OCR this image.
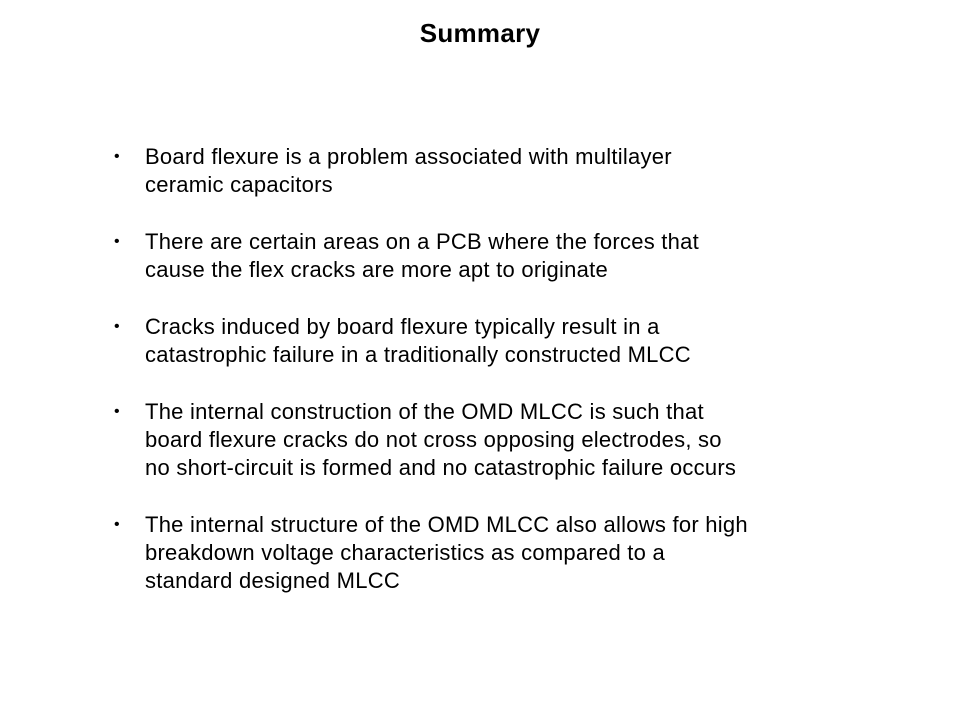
Summary
• Board flexure is a problem associated with multilayer
ceramic capacitors
• There are certain areas on a PCB where the forces that
cause the flex cracks are more apt to originate
• Cracks induced by board flexure typically result in a
catastrophic failure in a traditionally constructed MLCC
• The internal construction of the OMD MLCC is such that
board flexure cracks do not cross opposing electrodes, so
no short-circuit is formed and no catastrophic failure occurs
• The internal structure of the OMD MLCC also allows for high
breakdown voltage characteristics as compared to a
standard designed MLCC
